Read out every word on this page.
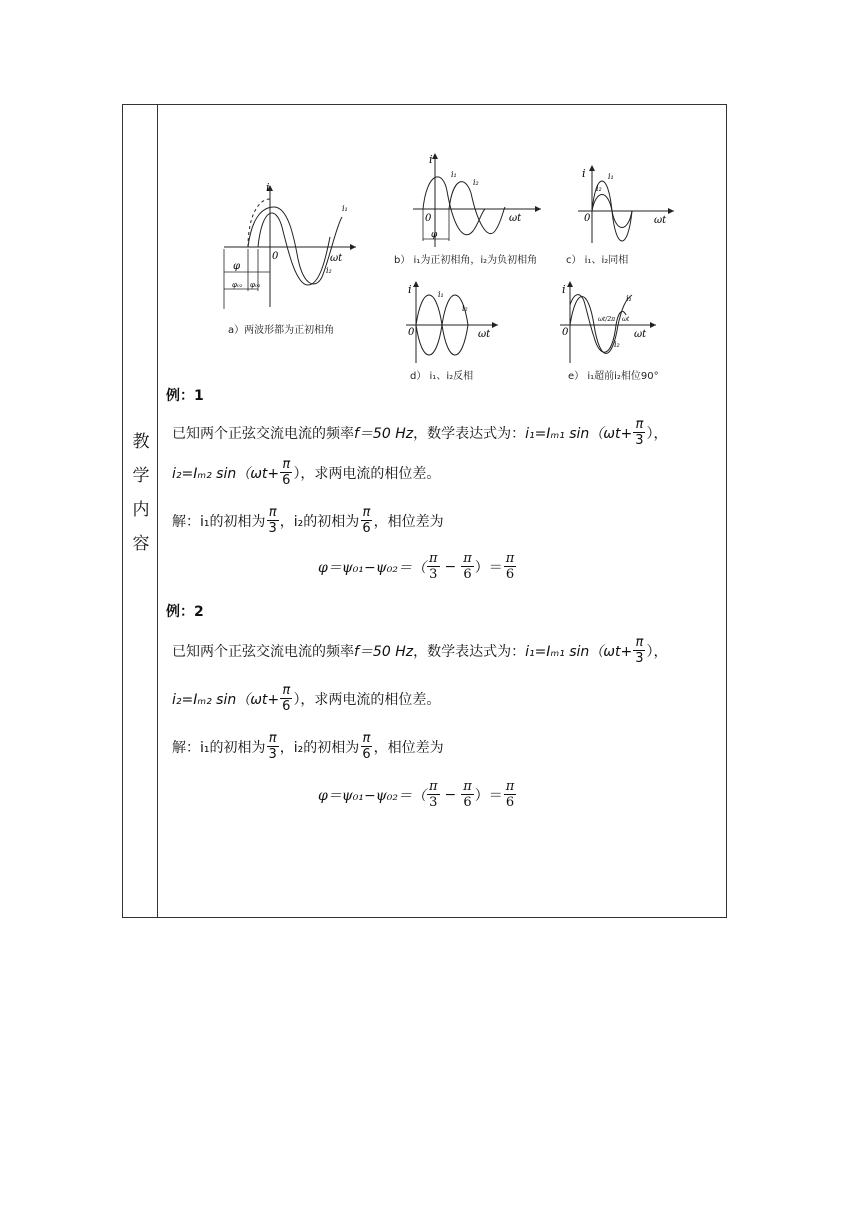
教
学
内
容
i
i₁
i₂
ωt
0
φ
φ₀₂ φ₀₁
a）两波形都为正初相角
i
i₁
i₂
ωt
0
φ
b） i₁为正初相角，i₂为负初相角
i	i₁
i₂
ωt
0
c） i₁、i₂同相
i	i₁
i₂
ωt
0
d） i₁、i₂反相
i
i₁
i₂
ωt
0
ωt/2π ωt
e） i₁超前i₂相位90°
例：1
已知两个正弦交流电流的频率 f＝50 Hz ，数学表达式为： i₁=Iₘ₁ $\sin(\omega t+ \frac{\pi}{3}$ ），
i₂=Iₘ₂ $\sin(\omega t+ \frac{\pi}{6}$ ），求两电流的相位差。
解：i₁的初相为 $\frac{\pi}{3}$ ，i₂的初相为 $\frac{\pi}{6}$ ，相位差为
$\varphi=\psi_{01}-\psi_{02}=( \frac{\pi}{3} - \frac{\pi}{6}$ ）＝ $\frac{\pi}{6}$
例：2
已知两个正弦交流电流的频率 f＝50 Hz ，数学表达式为： i₁=Iₘ₁ $\sin(\omega t+ \frac{\pi}{3}$ ），
i₂=Iₘ₂ $\sin(\omega t+ \frac{\pi}{6}$ ），求两电流的相位差。
解：i₁的初相为 $\frac{\pi}{3}$ ，i₂的初相为 $\frac{\pi}{6}$ ，相位差为
$\varphi=\psi_{01}-\psi_{02}=( \frac{\pi}{3} - \frac{\pi}{6}$ ）＝ $\frac{\pi}{6}$
